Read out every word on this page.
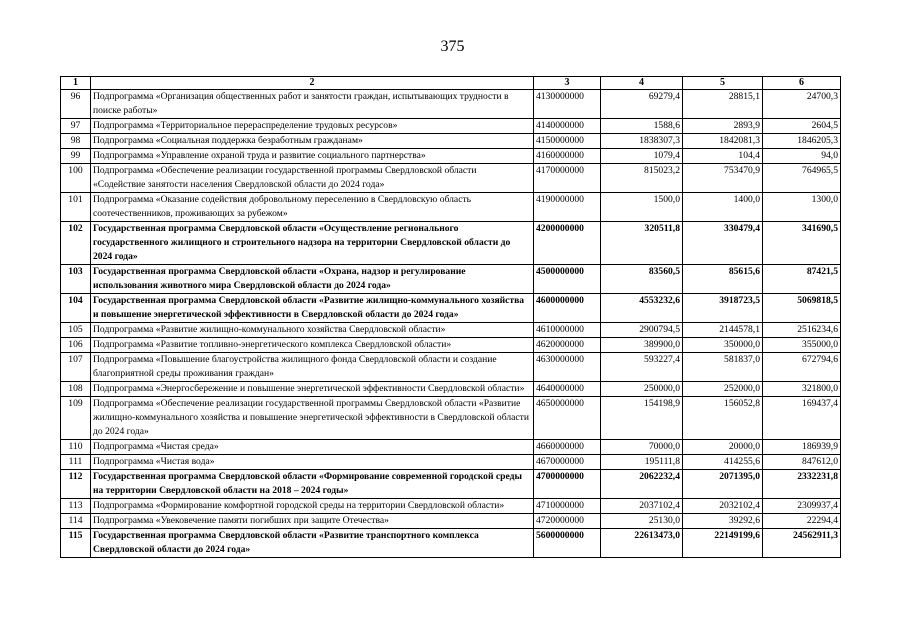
375
1	2	3	4	5	6
96	Подпрограмма «Организация общественных работ и занятости граждан, испытывающих трудности в поиске работы»	4130000000	69279,4	28815,1	24700,3
97	Подпрограмма «Территориальное перераспределение трудовых ресурсов»	4140000000	1588,6	2893,9	2604,5
98	Подпрограмма «Социальная поддержка безработным гражданам»	4150000000	1838307,3	1842081,3	1846205,3
99	Подпрограмма «Управление охраной труда и развитие социального партнерства»	4160000000	1079,4	104,4	94,0
100	Подпрограмма «Обеспечение реализации государственной программы Свердловской области «Содействие занятости населения Свердловской области до 2024 года»	4170000000	815023,2	753470,9	764965,5
101	Подпрограмма «Оказание содействия добровольному переселению в Свердловскую область соотечественников, проживающих за рубежом»	4190000000	1500,0	1400,0	1300,0
102	Государственная программа Свердловской области «Осуществление регионального государственного жилищного и строительного надзора на территории Свердловской области до 2024 года»	4200000000	320511,8	330479,4	341690,5
103	Государственная программа Свердловской области «Охрана, надзор и регулирование использования животного мира Свердловской области до 2024 года»	4500000000	83560,5	85615,6	87421,5
104	Государственная программа Свердловской области «Развитие жилищно-коммунального хозяйства и повышение энергетической эффективности в Свердловской области до 2024 года»	4600000000	4553232,6	3918723,5	5069818,5
105	Подпрограмма «Развитие жилищно-коммунального хозяйства Свердловской области»	4610000000	2900794,5	2144578,1	2516234,6
106	Подпрограмма «Развитие топливно-энергетического комплекса Свердловской области»	4620000000	389900,0	350000,0	355000,0
107	Подпрограмма «Повышение благоустройства жилищного фонда Свердловской области и создание благоприятной среды проживания граждан»	4630000000	593227,4	581837,0	672794,6
108	Подпрограмма «Энергосбережение и повышение энергетической эффективности Свердловской области»	4640000000	250000,0	252000,0	321800,0
109	Подпрограмма «Обеспечение реализации государственной программы Свердловской области «Развитие жилищно-коммунального хозяйства и повышение энергетической эффективности в Свердловской области до 2024 года»	4650000000	154198,9	156052,8	169437,4
110	Подпрограмма «Чистая среда»	4660000000	70000,0	20000,0	186939,9
111	Подпрограмма «Чистая вода»	4670000000	195111,8	414255,6	847612,0
112	Государственная программа Свердловской области «Формирование современной городской среды на территории Свердловской области на 2018 – 2024 годы»	4700000000	2062232,4	2071395,0	2332231,8
113	Подпрограмма «Формирование комфортной городской среды на территории Свердловской области»	4710000000	2037102,4	2032102,4	2309937,4
114	Подпрограмма «Увековечение памяти погибших при защите Отечества»	4720000000	25130,0	39292,6	22294,4
115	Государственная программа Свердловской области «Развитие транспортного комплекса Свердловской области до 2024 года»	5600000000	22613473,0	22149199,6	24562911,3
